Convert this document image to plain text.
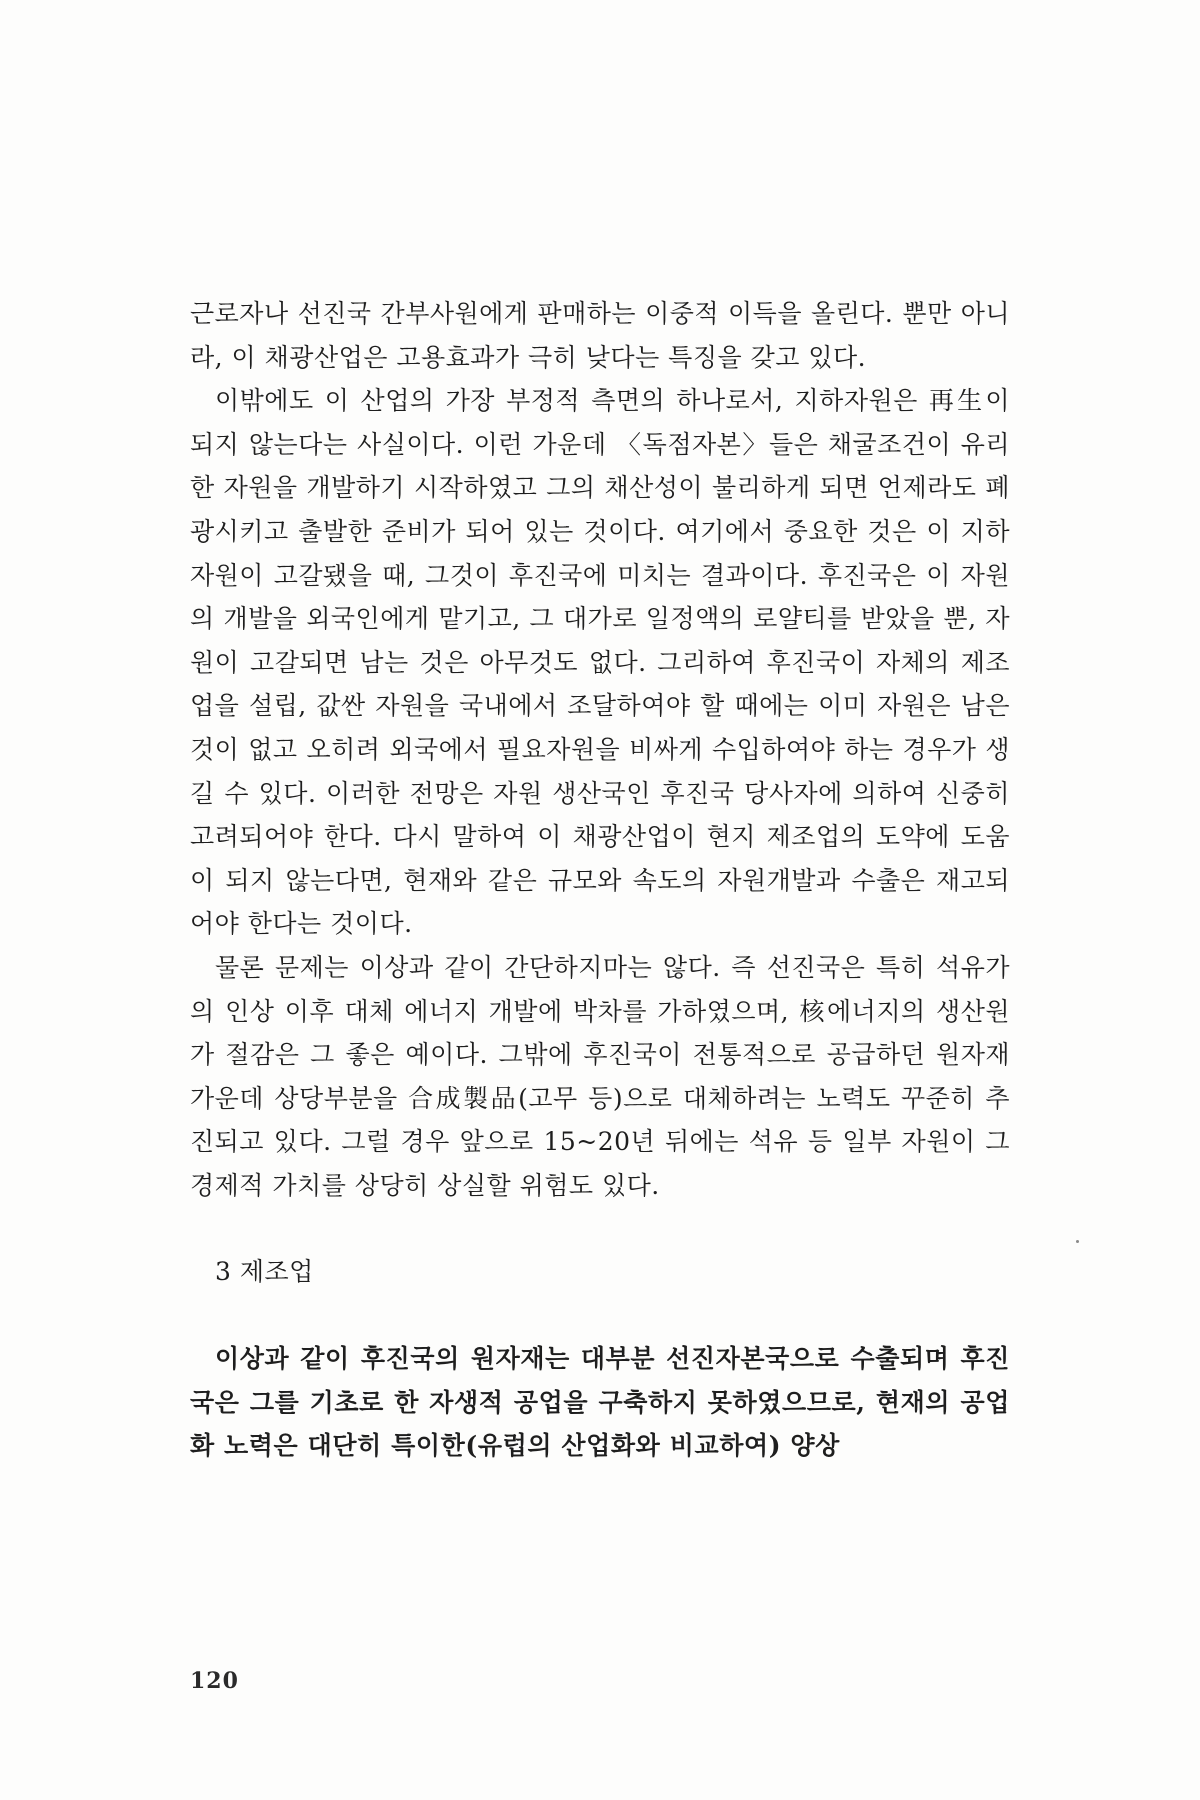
근로자나 선진국 간부사원에게 판매하는 이중적 이득을 올린다. 뿐만 아니라, 이 채광산업은 고용효과가 극히 낮다는 특징을 갖고 있다.

이밖에도 이 산업의 가장 부정적 측면의 하나로서, 지하자원은 再生이 되지 않는다는 사실이다. 이런 가운데 〈독점자본〉들은 채굴조건이 유리한 자원을 개발하기 시작하였고 그의 채산성이 불리하게 되면 언제라도 폐광시키고 출발한 준비가 되어 있는 것이다. 여기에서 중요한 것은 이 지하자원이 고갈됐을 때, 그것이 후진국에 미치는 결과이다. 후진국은 이 자원의 개발을 외국인에게 맡기고, 그 대가로 일정액의 로얄티를 받았을 뿐, 자원이 고갈되면 남는 것은 아무것도 없다. 그리하여 후진국이 자체의 제조업을 설립, 값싼 자원을 국내에서 조달하여야 할 때에는 이미 자원은 남은 것이 없고 오히려 외국에서 필요자원을 비싸게 수입하여야 하는 경우가 생길 수 있다. 이러한 전망은 자원 생산국인 후진국 당사자에 의하여 신중히 고려되어야 한다. 다시 말하여 이 채광산업이 현지 제조업의 도약에 도움이 되지 않는다면, 현재와 같은 규모와 속도의 자원개발과 수출은 재고되어야 한다는 것이다.

물론 문제는 이상과 같이 간단하지마는 않다. 즉 선진국은 특히 석유가의 인상 이후 대체 에너지 개발에 박차를 가하였으며, 核에너지의 생산원가 절감은 그 좋은 예이다. 그밖에 후진국이 전통적으로 공급하던 원자재 가운데 상당부분을 合成製品(고무 등)으로 대체하려는 노력도 꾸준히 추진되고 있다. 그럴 경우 앞으로 15~20년 뒤에는 석유 등 일부 자원이 그 경제적 가치를 상당히 상실할 위험도 있다.

3 제조업

이상과 같이 후진국의 원자재는 대부분 선진자본국으로 수출되며 후진국은 그를 기초로 한 자생적 공업을 구축하지 못하였으므로, 현재의 공업화 노력은 대단히 특이한(유럽의 산업화와 비교하여) 양상

120
